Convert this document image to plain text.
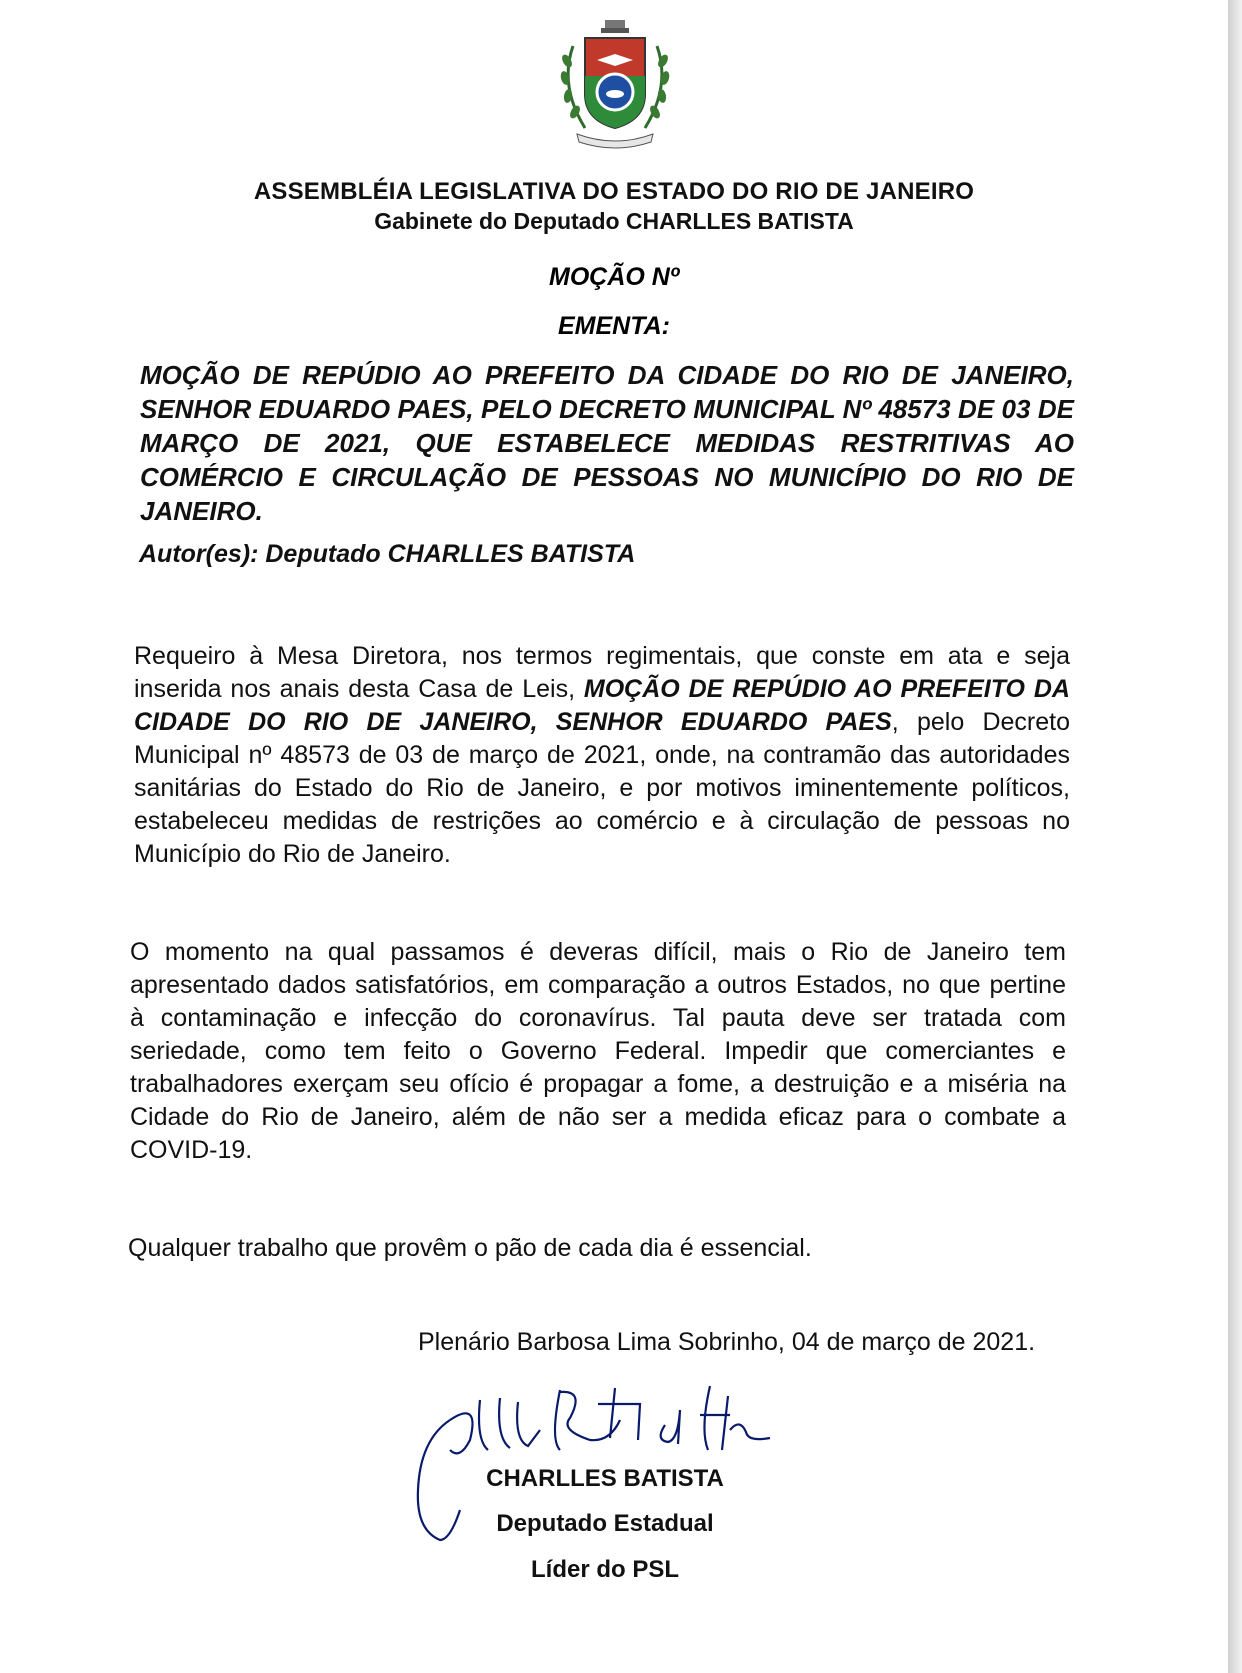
ASSEMBLÉIA LEGISLATIVA DO ESTADO DO RIO DE JANEIRO
Gabinete do Deputado CHARLLES BATISTA
MOÇÃO Nº
EMENTA:
MOÇÃO DE REPÚDIO AO PREFEITO DA CIDADE DO RIO DE JANEIRO, SENHOR EDUARDO PAES, PELO DECRETO MUNICIPAL Nº 48573 DE 03 DE MARÇO DE 2021, QUE ESTABELECE MEDIDAS RESTRITIVAS AO COMÉRCIO E CIRCULAÇÃO DE PESSOAS NO MUNICÍPIO DO RIO DE JANEIRO.
Autor(es): Deputado CHARLLES BATISTA
Requeiro à Mesa Diretora, nos termos regimentais, que conste em ata e seja inserida nos anais desta Casa de Leis, MOÇÃO DE REPÚDIO AO PREFEITO DA CIDADE DO RIO DE JANEIRO, SENHOR EDUARDO PAES, pelo Decreto Municipal nº 48573 de 03 de março de 2021, onde, na contramão das autoridades sanitárias do Estado do Rio de Janeiro, e por motivos iminentemente políticos, estabeleceu medidas de restrições ao comércio e à circulação de pessoas no Município do Rio de Janeiro.
O momento na qual passamos é deveras difícil, mais o Rio de Janeiro tem apresentado dados satisfatórios, em comparação a outros Estados, no que pertine à contaminação e infecção do coronavírus. Tal pauta deve ser tratada com seriedade, como tem feito o Governo Federal. Impedir que comerciantes e trabalhadores exerçam seu ofício é propagar a fome, a destruição e a miséria na Cidade do Rio de Janeiro, além de não ser a medida eficaz para o combate a COVID-19.
Qualquer trabalho que provêm o pão de cada dia é essencial.
Plenário Barbosa Lima Sobrinho, 04 de março de 2021.
CHARLLES BATISTA
Deputado Estadual
Líder do PSL
